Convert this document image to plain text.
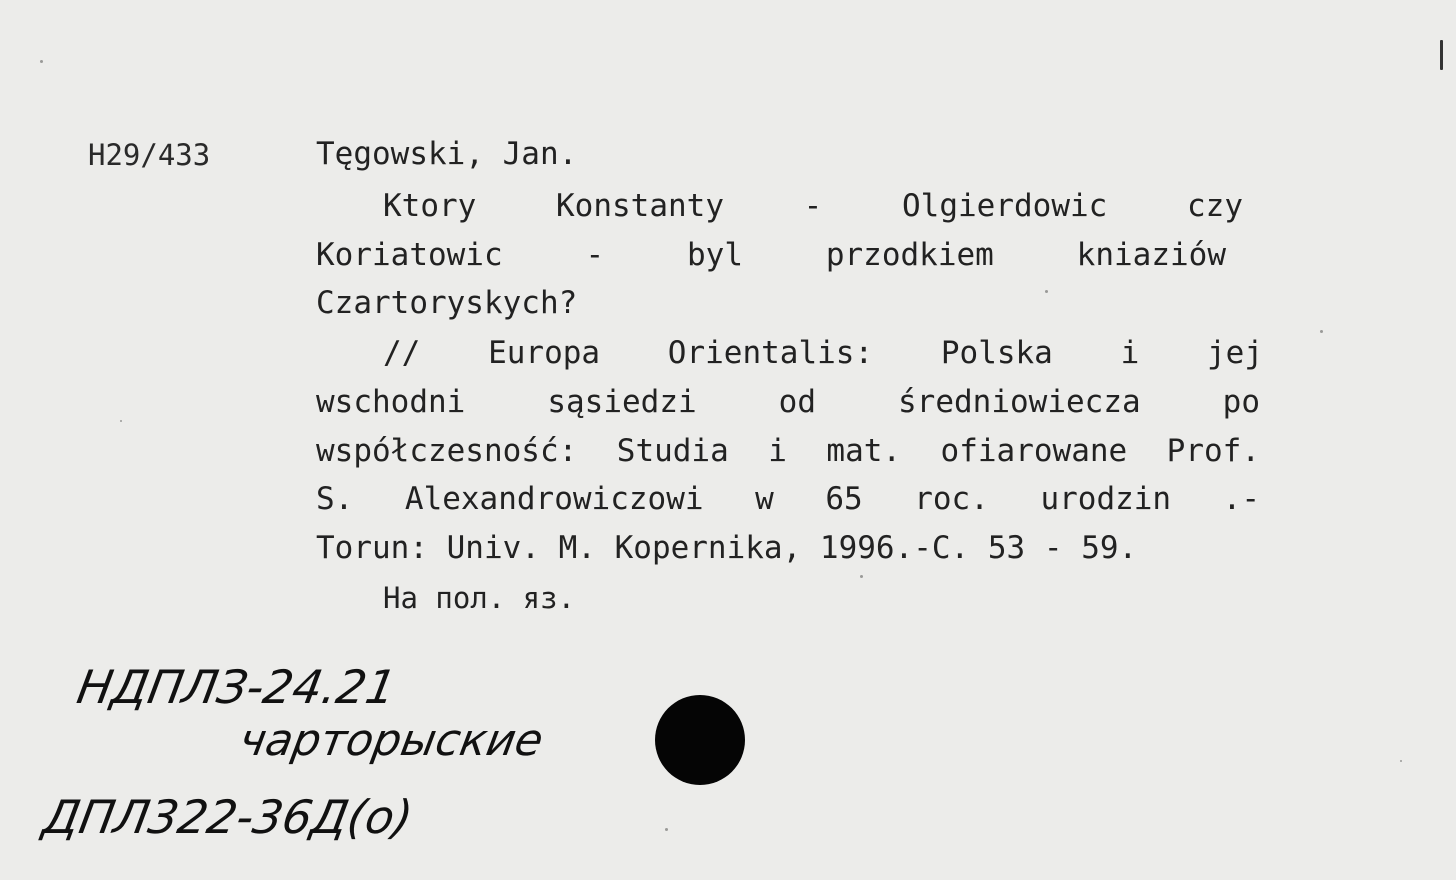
H29/433	Tęgowski, Jan.
Ktory Konstanty - Olgierdowic czy
Koriatowic - byl przodkiem kniaziów
Czartoryskych?
// Europa Orientalis: Polska i jej
wschodni sąsiedzi od średniowiecza po
współczesność: Studia i mat. ofiarowane Prof.
S. Alexandrowiczowi w 65 roc. urodzin .-
Torun: Univ. M. Kopernika, 1996.-C. 53 - 59.
На пол. яз.
НДПЛЗ-24.21
чарторыские
ДПЛ322-36Д(о)
